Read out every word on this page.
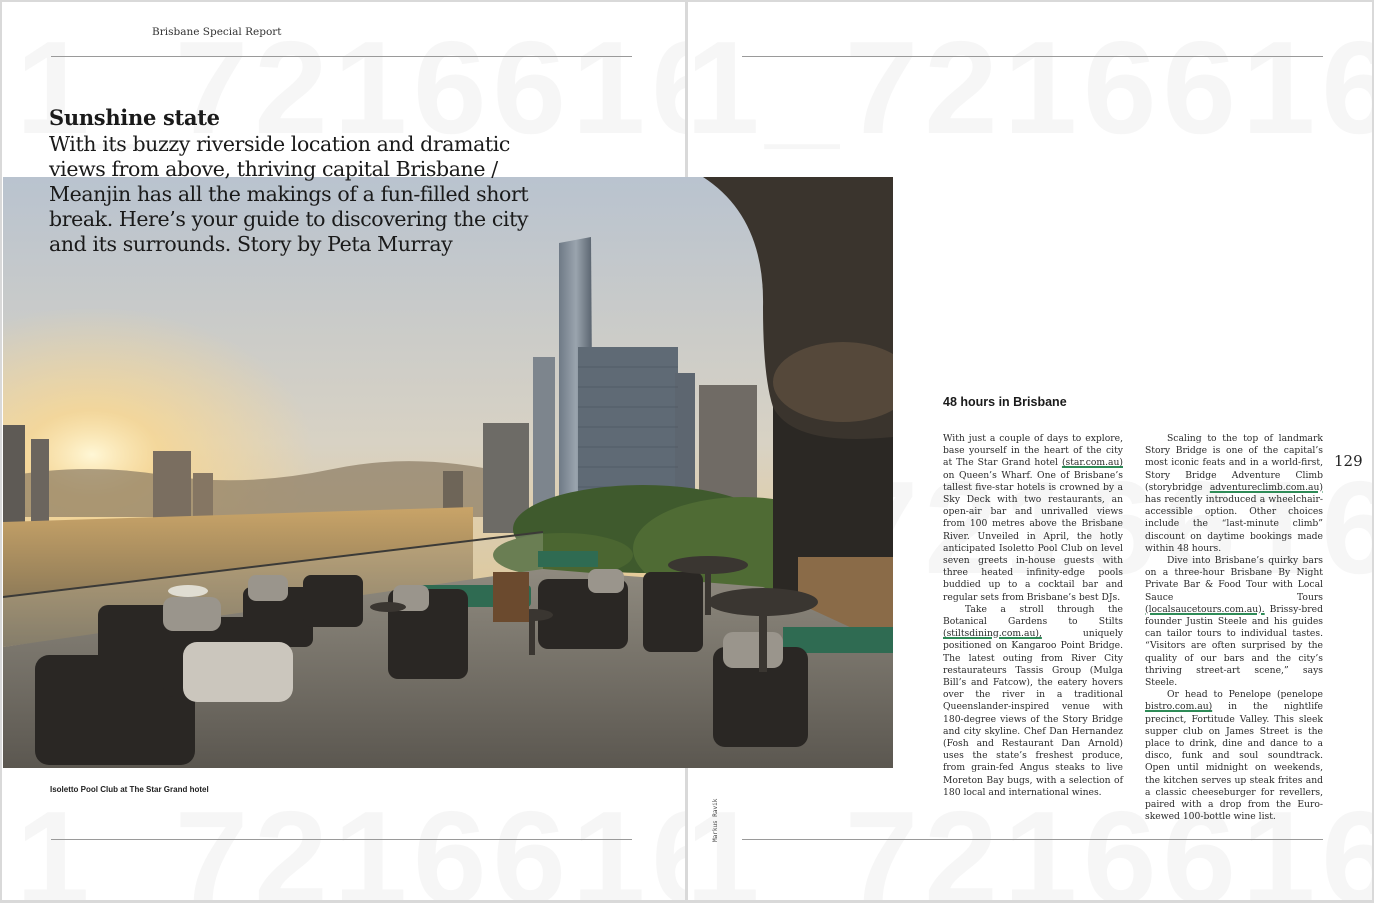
Brisbane Special Report
Isoletto Pool Club at The Star Grand hotel
Sunshine state

With its buzzy riverside location and dramatic views from above, thriving capital Brisbane / Meanjin has all the makings of a fun-filled short break. Here’s your guide to discovering the city and its surrounds. Story by Peta Murray

Markus Ravik
48 hours in Brisbane

With just a couple of days to explore, base yourself in the heart of the city at The Star Grand hotel (star.com.au) on Queen’s Wharf. One of Brisbane’s tallest five-star hotels is crowned by a Sky Deck with two restaurants, an open-air bar and unrivalled views from 100 metres above the Brisbane River. Unveiled in April, the hotly anticipated Isoletto Pool Club on level seven greets in-house guests with three heated infinity-edge pools buddied up to a cocktail bar and regular sets from Brisbane’s best DJs.

Take a stroll through the Botanical Gardens to Stilts (stiltsdining.com.au), uniquely positioned on Kangaroo Point Bridge. The latest outing from River City restaurateurs Tassis Group (Mulga Bill’s and Fatcow), the eatery hovers over the river in a traditional Queenslander-inspired venue with 180-degree views of the Story Bridge and city skyline. Chef Dan Hernandez (Fosh and Restaurant Dan Arnold) uses the state’s freshest produce, from grain-fed Angus steaks to live Moreton Bay bugs, with a selection of 180 local and international wines.

Scaling to the top of landmark Story Bridge is one of the capital’s most iconic feats and in a world-first, Story Bridge Adventure Climb (storybridge adventureclimb.com.au) has recently introduced a wheelchair-accessible option. Other choices include the “last-minute climb” discount on daytime bookings made within 48 hours.

Dive into Brisbane’s quirky bars on a three-hour Brisbane By Night Private Bar & Food Tour with Local Sauce Tours (localsaucetours.com.au). Brissy-bred founder Justin Steele and his guides can tailor tours to individual tastes. “Visitors are often surprised by the quality of our bars and the city’s thriving street-art scene,” says Steele.

Or head to Penelope (penelope bistro.com.au) in the nightlife precinct, Fortitude Valley. This sleek supper club on James Street is the place to drink, dine and dance to a disco, funk and soul soundtrack. Open until midnight on weekends, the kitchen serves up steak frites and a classic cheeseburger for revellers, paired with a drop from the Euro-skewed 100-bottle wine list.

129
